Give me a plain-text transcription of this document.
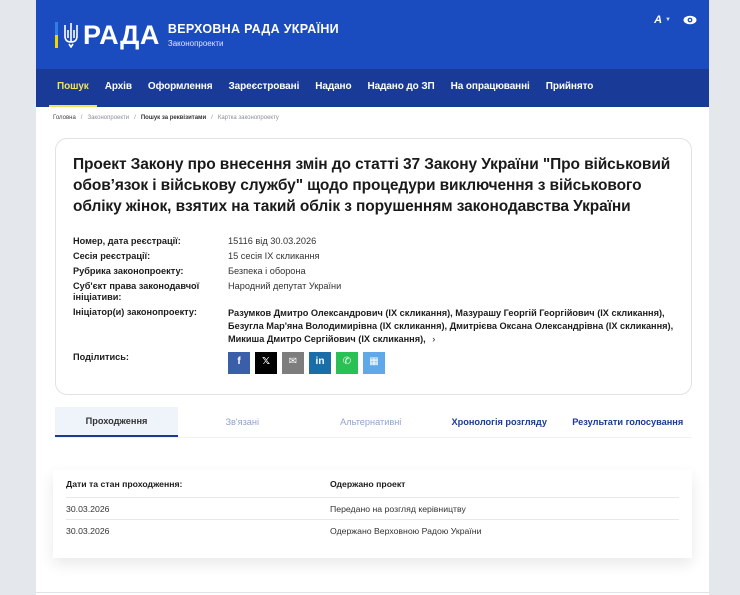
РАДА ВЕРХОВНА РАДА УКРАЇНИ
Законопроекти
A ▼
Пошук	Архів	Оформлення	Зареєстровані	Надано	Надано до ЗП	На опрацюванні	Прийнято
Головна / Законопроекти / Пошук за реквізитами / Картка законопроекту
Проект Закону про внесення змін до статті 37 Закону України "Про військовий обов’язок і військову службу" щодо процедури виключення з військового обліку жінок, взятих на такий облік з порушенням законодавства України
Номер, дата реєстрації:	15116 від 30.03.2026
Сесія реєстрації:	15 сесія IX скликання
Рубрика законопроекту:	Безпека і оборона
Суб'єкт права законодавчої ініціативи:
Народний депутат України
Ініціатор(и) законопроекту:	Разумков Дмитро Олександрович (IX скликання), Мазурашу Георгій Георгійович (IX скликання), Безугла Мар'яна Володимирівна (IX скликання), Дмитрієва Оксана Олександрівна (IX скликання), Микиша Дмитро Сергійович (IX скликання), ›
Поділитись:	f	𝕏	✉	in	✆	▦
Проходження	Зв'язані	Альтернативні	Хронологія розгляду	Результати голосування
Дати та стан проходження:	Одержано проект
30.03.2026	Передано на розгляд керівництву
30.03.2026	Одержано Верховною Радою України
